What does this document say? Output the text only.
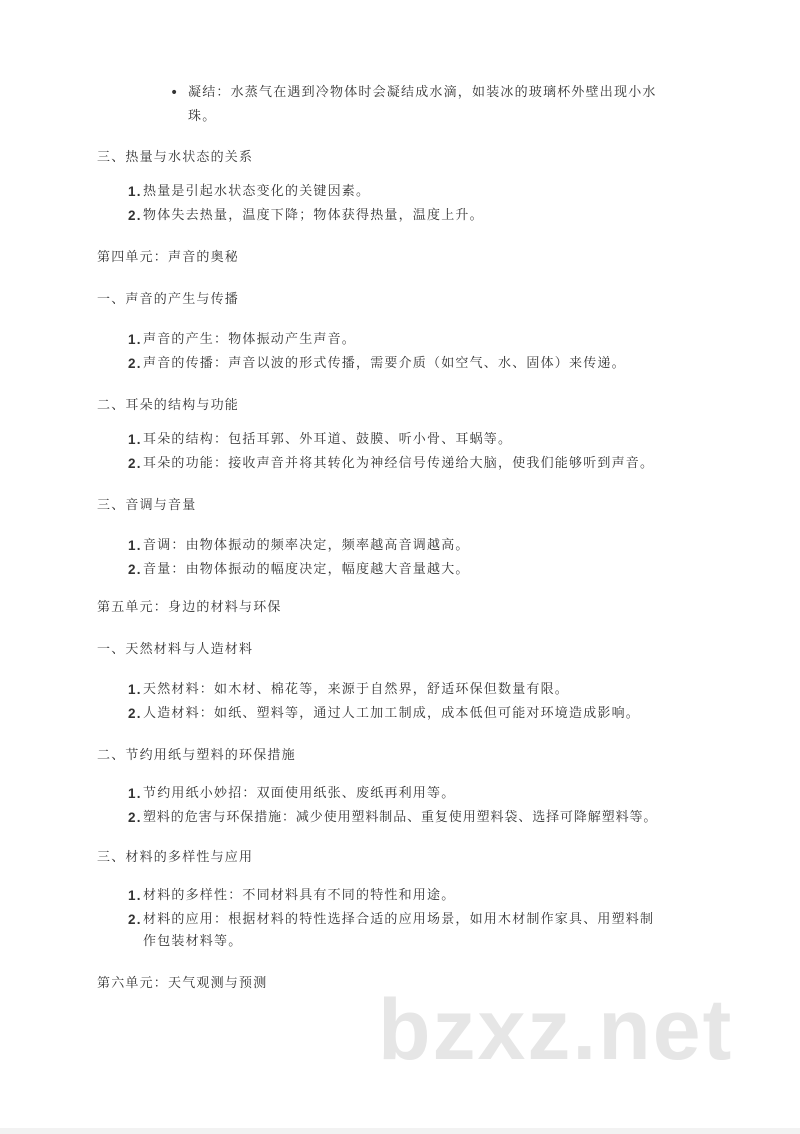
• 凝结：水蒸气在遇到冷物体时会凝结成水滴，如装冰的玻璃杯外壁出现小水
珠。
三、热量与水状态的关系
1. 热量是引起水状态变化的关键因素。
2. 物体失去热量，温度下降；物体获得热量，温度上升。
第四单元：声音的奥秘
一、声音的产生与传播
1. 声音的产生：物体振动产生声音。
2. 声音的传播：声音以波的形式传播，需要介质（如空气、水、固体）来传递。
二、耳朵的结构与功能
1. 耳朵的结构：包括耳郭、外耳道、鼓膜、听小骨、耳蜗等。
2. 耳朵的功能：接收声音并将其转化为神经信号传递给大脑，使我们能够听到声音。
三、音调与音量
1. 音调：由物体振动的频率决定，频率越高音调越高。
2. 音量：由物体振动的幅度决定，幅度越大音量越大。
第五单元：身边的材料与环保
一、天然材料与人造材料
1. 天然材料：如木材、棉花等，来源于自然界，舒适环保但数量有限。
2. 人造材料：如纸、塑料等，通过人工加工制成，成本低但可能对环境造成影响。
二、节约用纸与塑料的环保措施
1. 节约用纸小妙招：双面使用纸张、废纸再利用等。
2. 塑料的危害与环保措施：减少使用塑料制品、重复使用塑料袋、选择可降解塑料等。
三、材料的多样性与应用
1. 材料的多样性：不同材料具有不同的特性和用途。
2. 材料的应用：根据材料的特性选择合适的应用场景，如用木材制作家具、用塑料制
作包装材料等。
第六单元：天气观测与预测 bzxz.net
